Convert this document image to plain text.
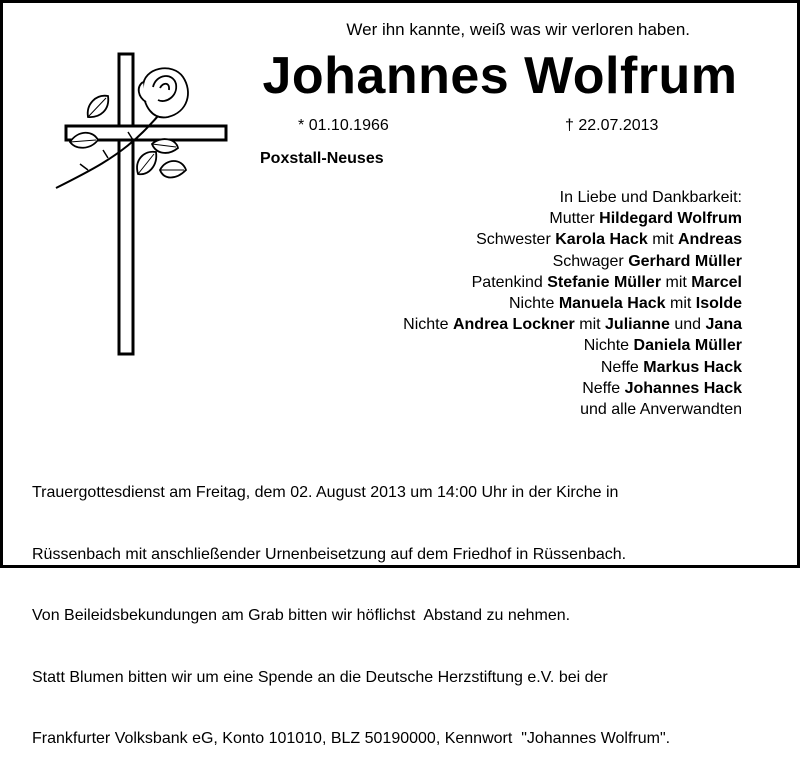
Wer ihn kannte, weiß was wir verloren haben.
Johannes Wolfrum
* 01.10.1966	† 22.07.2013
Poxstall-Neuses
In Liebe und Dankbarkeit:
Mutter Hildegard Wolfrum
Schwester Karola Hack mit Andreas
Schwager Gerhard Müller
Patenkind Stefanie Müller mit Marcel
Nichte Manuela Hack mit Isolde
Nichte Andrea Lockner mit Julianne und Jana
Nichte Daniela Müller
Neffe Markus Hack
Neffe Johannes Hack
und alle Anverwandten

Trauergottesdienst am Freitag, dem 02. August 2013 um 14:00 Uhr in der Kirche in

Rüssenbach mit anschließender Urnenbeisetzung auf dem Friedhof in Rüssenbach.

Von Beileidsbekundungen am Grab bitten wir höflichst  Abstand zu nehmen.

Statt Blumen bitten wir um eine Spende an die Deutsche Herzstiftung e.V. bei der

Frankfurter Volksbank eG, Konto 101010, BLZ 50190000, Kennwort  "Johannes Wolfrum".
